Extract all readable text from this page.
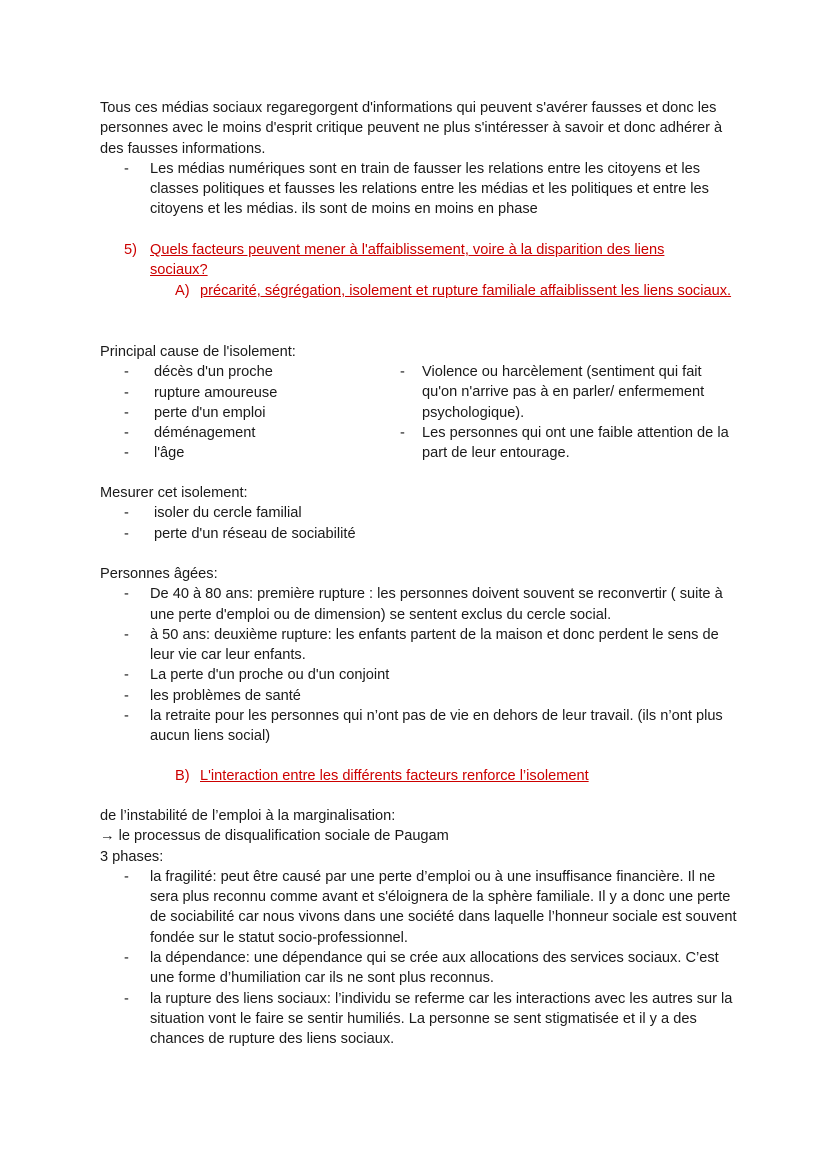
Tous ces médias sociaux regaregorgent d'informations qui peuvent s'avérer fausses et donc les personnes avec le moins d'esprit critique peuvent ne plus s'intéresser à savoir et donc adhérer à des fausses informations.

- Les médias numériques sont en train de fausser les relations entre les citoyens et les classes politiques et fausses les relations entre les médias et les politiques et entre les citoyens et les médias. ils sont de moins en moins en phase
5) Quels facteurs peuvent mener à l'affaiblissement, voire à la disparition des liens sociaux?
A) précarité, ségrégation, isolement et rupture familiale affaiblissent les liens sociaux.

Principal cause de l'isolement:

- décès d'un proche
- rupture amoureuse
- perte d'un emploi
- déménagement
- l'âge
- Violence ou harcèlement (sentiment qui fait qu'on n'arrive pas à en parler/ enfermement psychologique).
- Les personnes qui ont une faible attention de la part de leur entourage.

Mesurer cet isolement:

- isoler du cercle familial
- perte d'un réseau de sociabilité

Personnes âgées:

- De 40 à 80 ans: première rupture : les personnes doivent souvent se reconvertir ( suite à une perte d'emploi ou de dimension) se sentent exclus du cercle social.
- à 50 ans: deuxième rupture: les enfants partent de la maison et donc perdent le sens de leur vie car leur enfants.
- La perte d'un proche ou d'un conjoint
- les problèmes de santé
- la retraite pour les personnes qui n’ont pas de vie en dehors de leur travail. (ils n’ont plus aucun liens social)
B) L'interaction entre les différents facteurs renforce l’isolement

de l’instabilité de l’emploi à la marginalisation:

→ le processus de disqualification sociale de Paugam

3 phases:

- la fragilité: peut être causé par une perte d’emploi ou à une insuffisance financière. Il ne sera plus reconnu comme avant et s'éloignera de la sphère familiale. Il y a donc une perte de sociabilité car nous vivons dans une société dans laquelle l’honneur sociale est souvent fondée sur le statut socio-professionnel.
- la dépendance: une dépendance qui se crée aux allocations des services sociaux. C’est une forme d’humiliation car ils ne sont plus reconnus.
- la rupture des liens sociaux: l’individu se referme car les interactions avec les autres sur la situation vont le faire se sentir humiliés. La personne se sent stigmatisée et il y a des chances de rupture des liens sociaux.
